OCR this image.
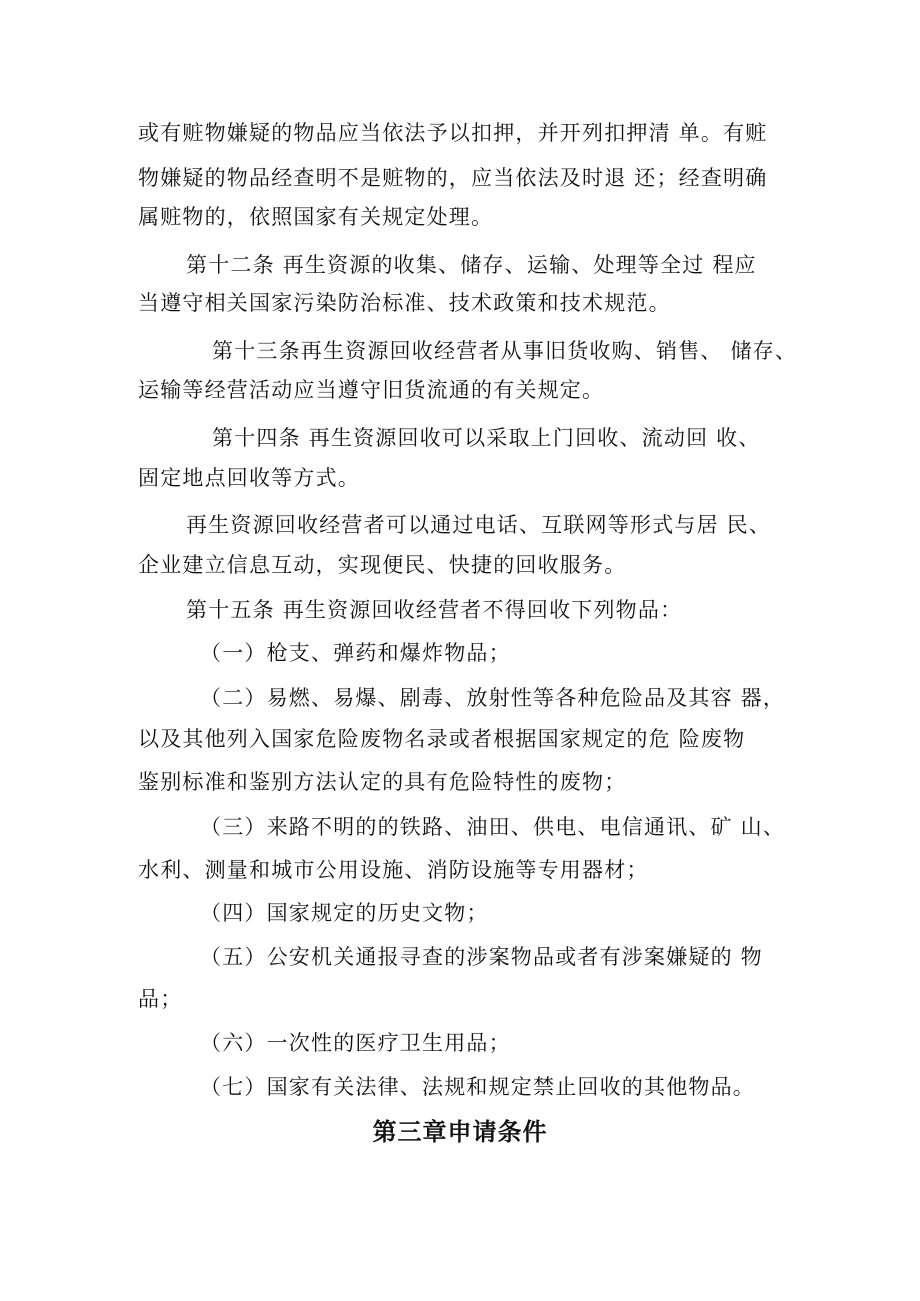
或有赃物嫌疑的物品应当依法予以扣押，并开列扣押清 单。有赃
物嫌疑的物品经查明不是赃物的，应当依法及时退 还；经查明确
属赃物的，依照国家有关规定处理。
第十二条 再生资源的收集、储存、运输、处理等全过 程应
当遵守相关国家污染防治标准、技术政策和技术规范。
第十三条再生资源回收经营者从事旧货收购、销售、 储存、
运输等经营活动应当遵守旧货流通的有关规定。
第十四条 再生资源回收可以采取上门回收、流动回 收、
固定地点回收等方式。
再生资源回收经营者可以通过电话、互联网等形式与居 民、
企业建立信息互动，实现便民、快捷的回收服务。
第十五条 再生资源回收经营者不得回收下列物品：
（一）枪支、弹药和爆炸物品；
（二）易燃、易爆、剧毒、放射性等各种危险品及其容 器，
以及其他列入国家危险废物名录或者根据国家规定的危 险废物
鉴别标准和鉴别方法认定的具有危险特性的废物；
（三）来路不明的的铁路、油田、供电、电信通讯、矿 山、
水利、测量和城市公用设施、消防设施等专用器材；
（四）国家规定的历史文物；
（五）公安机关通报寻查的涉案物品或者有涉案嫌疑的 物
品；
（六）一次性的医疗卫生用品；
（七）国家有关法律、法规和规定禁止回收的其他物品。
第三章申请条件
